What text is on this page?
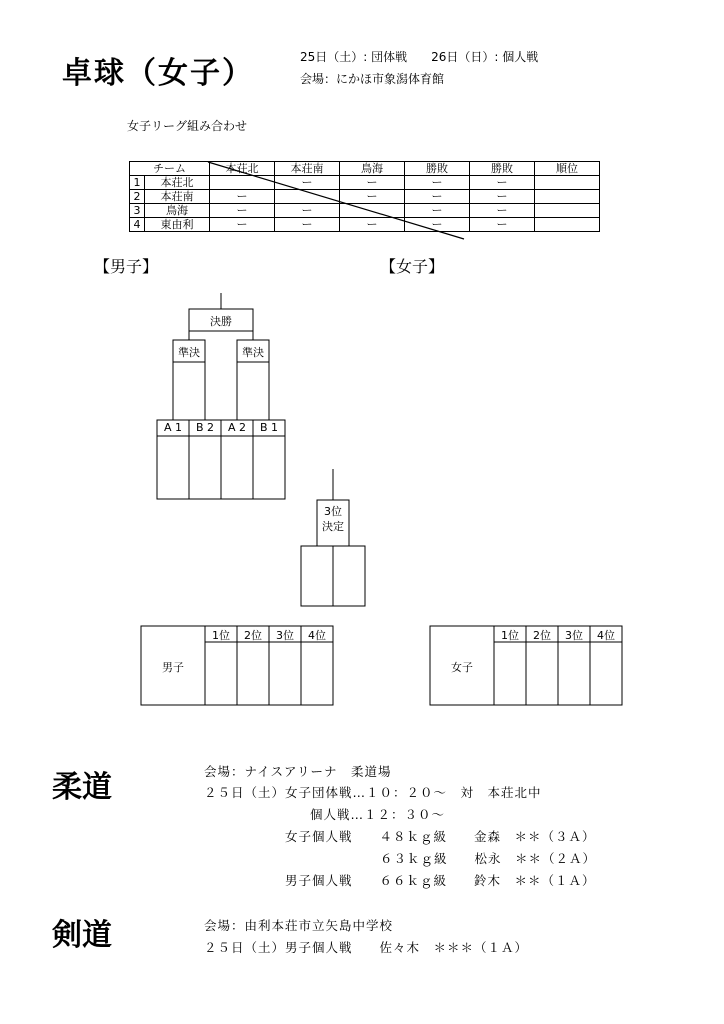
卓球（女子）	25日（土）: 団体戦　　26日（日）: 個人戦
会場：にかほ市象潟体育館
女子リーグ組み合わせ
チーム		本荘北	本荘南	鳥海	勝敗	勝敗	順位
1	本荘北		ー	ー	ー	ー	
2	本荘南	ー		ー	ー	ー	
3	鳥海	ー	ー		ー	ー	
4	東由利	ー	ー	ー	ー	ー	
【男子】	【女子】
決勝
準決	準決
A 1	B 2	A 2	B 1
3位
決定
男子
1位	2位	3位	4位
女子
1位	2位	3位	4位
柔道	会場：ナイスアリーナ　柔道場
２５日（土）女子団体戦…１０：２０～　対　本荘北中
個人戦…１２：３０～
女子個人戦　　４８ｋｇ級　　金森　＊＊（３Ａ）
６３ｋｇ級　　松永　＊＊（２Ａ）
男子個人戦　　６６ｋｇ級　　鈴木　＊＊（１Ａ）
剣道	会場：由利本荘市立矢島中学校
２５日（土）男子個人戦　　佐々木　＊＊＊（１Ａ）
